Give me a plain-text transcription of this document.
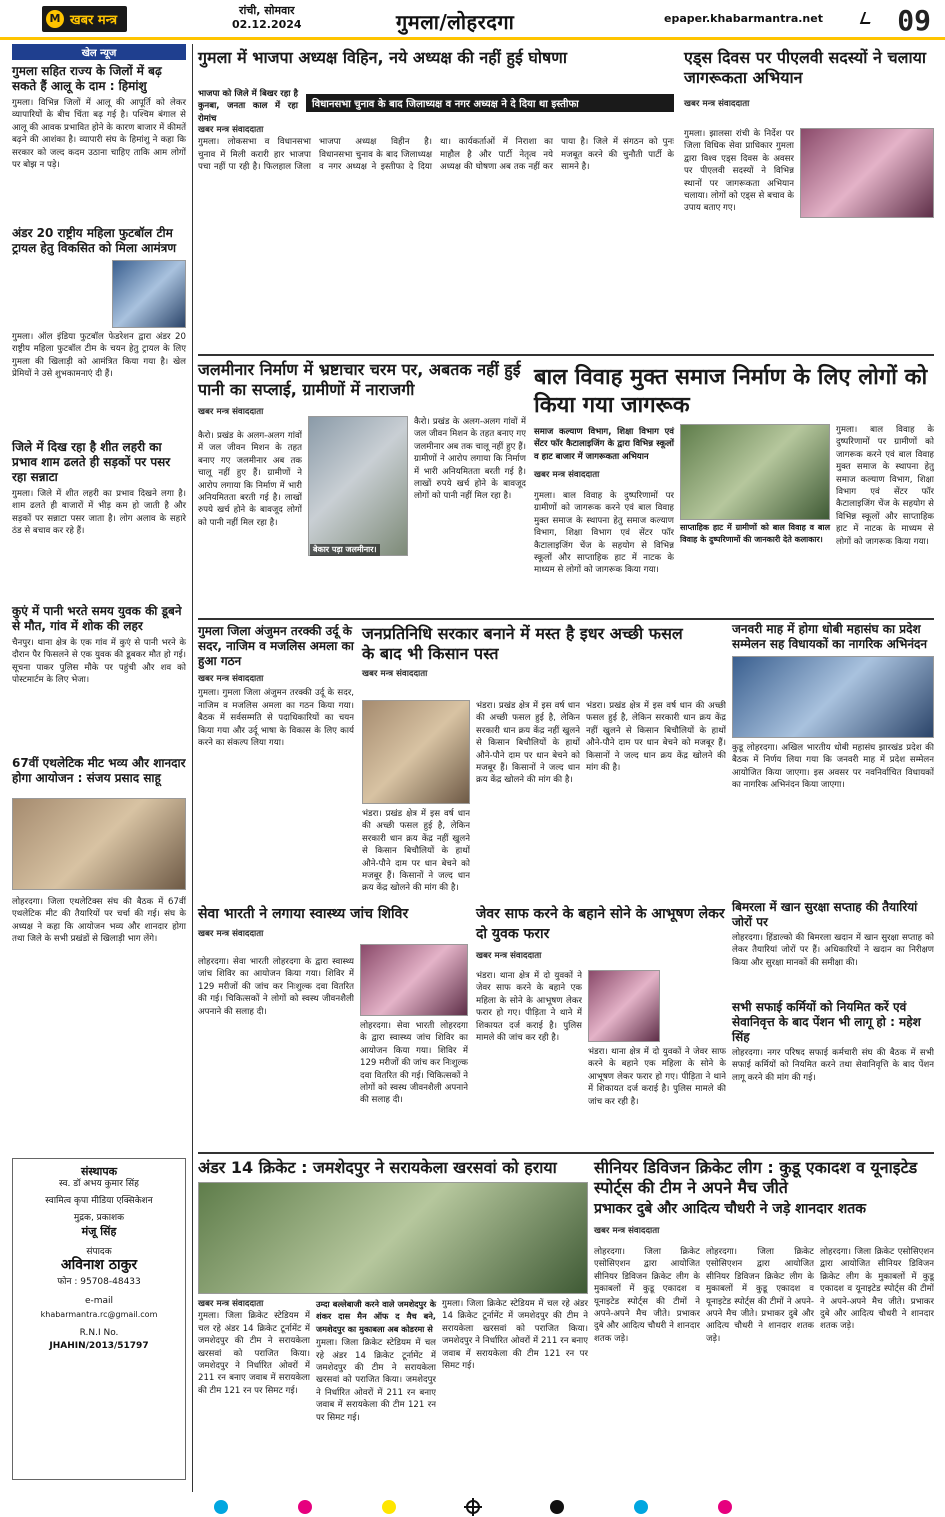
M खबर मन्त्र
रांची, सोमवार
02.12.2024	गुमला/लोहरदगा	epaper.khabarmantra.net	09
खेल न्यूज
गुमला सहित राज्य के जिलों में बढ़ सकते हैं आलू के दाम : हिमांशु
गुमला। विभिन्न जिलों में आलू की आपूर्ति को लेकर व्यापारियों के बीच चिंता बढ़ गई है। पश्चिम बंगाल से आलू की आवक प्रभावित होने के कारण बाजार में कीमतें बढ़ने की आशंका है। व्यापारी संघ के हिमांशु ने कहा कि सरकार को जल्द कदम उठाना चाहिए ताकि आम लोगों पर बोझ न पड़े।
अंडर 20 राष्ट्रीय महिला फुटबॉल टीम ट्रायल हेतु विकसित को मिला आमंत्रण
गुमला। ऑल इंडिया फुटबॉल फेडरेशन द्वारा अंडर 20 राष्ट्रीय महिला फुटबॉल टीम के चयन हेतु ट्रायल के लिए गुमला की खिलाड़ी को आमंत्रित किया गया है। खेल प्रेमियों ने उसे शुभकामनाएं दी हैं।
जिले में दिख रहा है शीत लहरी का प्रभाव शाम ढलते ही सड़कों पर पसर रहा सन्नाटा
गुमला। जिले में शीत लहरी का प्रभाव दिखने लगा है। शाम ढलते ही बाजारों में भीड़ कम हो जाती है और सड़कों पर सन्नाटा पसर जाता है। लोग अलाव के सहारे ठंड से बचाव कर रहे हैं।
कुएं में पानी भरते समय युवक की डूबने से मौत, गांव में शोक की लहर
चैनपुर। थाना क्षेत्र के एक गांव में कुएं से पानी भरने के दौरान पैर फिसलने से एक युवक की डूबकर मौत हो गई। सूचना पाकर पुलिस मौके पर पहुंची और शव को पोस्टमार्टम के लिए भेजा।
67वीं एथलेटिक मीट भव्य और शानदार होगा आयोजन : संजय प्रसाद साहू
लोहरदगा। जिला एथलेटिक्स संघ की बैठक में 67वीं एथलेटिक मीट की तैयारियों पर चर्चा की गई। संघ के अध्यक्ष ने कहा कि आयोजन भव्य और शानदार होगा तथा जिले के सभी प्रखंडों से खिलाड़ी भाग लेंगे।
संस्थापक
स्व. डॉ अभय कुमार सिंह
स्वामित्व कृपा मीडिया एक्सिकेशन
मुद्रक, प्रकाशक
मंजू सिंह
संपादक
अविनाश ठाकुर
फोन : 95708-48433
e-mail
khabarmantra.rc@gmail.com
R.N.I No.
JHAHIN/2013/51797
गुमला में भाजपा अध्यक्ष विहिन, नये अध्यक्ष की नहीं हुई घोषणा
भाजपा को जिले में बिखर रहा है कुनबा, जनता काल में रहा रोमांच
विधानसभा चुनाव के बाद जिलाध्यक्ष व नगर अध्यक्ष ने दे दिया था इस्तीफा
खबर मन्त्र संवाददाता
गुमला। लोकसभा व विधानसभा चुनाव में मिली करारी हार भाजपा पचा नहीं पा रही है। फिलहाल जिला भाजपा अध्यक्ष विहीन है। विधानसभा चुनाव के बाद जिलाध्यक्ष व नगर अध्यक्ष ने इस्तीफा दे दिया था। कार्यकर्ताओं में निराशा का माहौल है और पार्टी नेतृत्व नये अध्यक्ष की घोषणा अब तक नहीं कर पाया है। जिले में संगठन को पुनः मजबूत करने की चुनौती पार्टी के सामने है।
एड्स दिवस पर पीएलवी सदस्यों ने चलाया जागरूकता अभियान
खबर मन्त्र संवाददाता
गुमला। झालसा रांची के निर्देश पर जिला विधिक सेवा प्राधिकार गुमला द्वारा विश्व एड्स दिवस के अवसर पर पीएलवी सदस्यों ने विभिन्न स्थानों पर जागरूकता अभियान चलाया। लोगों को एड्स से बचाव के उपाय बताए गए।
जलमीनार निर्माण में भ्रष्टाचार चरम पर, अबतक नहीं हुई पानी का सप्लाई, ग्रामीणों में नाराजगी
खबर मन्त्र संवाददाता
बेकार पड़ा जलमीनार।
कैरो। प्रखंड के अलग-अलग गांवों में जल जीवन मिशन के तहत बनाए गए जलमीनार अब तक चालू नहीं हुए हैं। ग्रामीणों ने आरोप लगाया कि निर्माण में भारी अनियमितता बरती गई है। लाखों रुपये खर्च होने के बावजूद लोगों को पानी नहीं मिल रहा है।
कैरो। प्रखंड के अलग-अलग गांवों में जल जीवन मिशन के तहत बनाए गए जलमीनार अब तक चालू नहीं हुए हैं। ग्रामीणों ने आरोप लगाया कि निर्माण में भारी अनियमितता बरती गई है। लाखों रुपये खर्च होने के बावजूद लोगों को पानी नहीं मिल रहा है।
बाल विवाह मुक्त समाज निर्माण के लिए लोगों को किया गया जागरूक
समाज कल्याण विभाग, शिक्षा विभाग एवं सेंटर फॉर कैटालाइजिंग के द्वारा विभिन्न स्कूलों व हाट बाजार में जागरूकता अभियान
खबर मन्त्र संवाददाता
साप्ताहिक हाट में ग्रामीणों को बाल विवाह व बाल विवाह के दुष्परिणामों की जानकारी देते कलाकार।
गुमला। बाल विवाह के दुष्परिणामों पर ग्रामीणों को जागरूक करने एवं बाल विवाह मुक्त समाज के स्थापना हेतु समाज कल्याण विभाग, शिक्षा विभाग एवं सेंटर फॉर कैटालाइजिंग चेंज के सहयोग से विभिन्न स्कूलों और साप्ताहिक हाट में नाटक के माध्यम से लोगों को जागरूक किया गया।
गुमला। बाल विवाह के दुष्परिणामों पर ग्रामीणों को जागरूक करने एवं बाल विवाह मुक्त समाज के स्थापना हेतु समाज कल्याण विभाग, शिक्षा विभाग एवं सेंटर फॉर कैटालाइजिंग चेंज के सहयोग से विभिन्न स्कूलों और साप्ताहिक हाट में नाटक के माध्यम से लोगों को जागरूक किया गया।
गुमला जिला अंजुमन तरक्की उर्दू के सदर, नाजिम व मजलिस अमला का हुआ गठन
खबर मन्त्र संवाददाता
गुमला। गुमला जिला अंजुमन तरक्की उर्दू के सदर, नाजिम व मजलिस अमला का गठन किया गया। बैठक में सर्वसम्मति से पदाधिकारियों का चयन किया गया और उर्दू भाषा के विकास के लिए कार्य करने का संकल्प लिया गया।
जनप्रतिनिधि सरकार बनाने में मस्त है इधर अच्छी फसल के बाद भी किसान पस्त
खबर मन्त्र संवाददाता
भंडरा। प्रखंड क्षेत्र में इस वर्ष धान की अच्छी फसल हुई है, लेकिन सरकारी धान क्रय केंद्र नहीं खुलने से किसान बिचौलियों के हाथों औने-पौने दाम पर धान बेचने को मजबूर हैं। किसानों ने जल्द धान क्रय केंद्र खोलने की मांग की है।
भंडरा। प्रखंड क्षेत्र में इस वर्ष धान की अच्छी फसल हुई है, लेकिन सरकारी धान क्रय केंद्र नहीं खुलने से किसान बिचौलियों के हाथों औने-पौने दाम पर धान बेचने को मजबूर हैं। किसानों ने जल्द धान क्रय केंद्र खोलने की मांग की है।
भंडरा। प्रखंड क्षेत्र में इस वर्ष धान की अच्छी फसल हुई है, लेकिन सरकारी धान क्रय केंद्र नहीं खुलने से किसान बिचौलियों के हाथों औने-पौने दाम पर धान बेचने को मजबूर हैं। किसानों ने जल्द धान क्रय केंद्र खोलने की मांग की है।
जनवरी माह में होगा धोबी महासंघ का प्रदेश सम्मेलन सह विधायकों का नागरिक अभिनंदन
कुडू लोहरदगा। अखिल भारतीय धोबी महासंघ झारखंड प्रदेश की बैठक में निर्णय लिया गया कि जनवरी माह में प्रदेश सम्मेलन आयोजित किया जाएगा। इस अवसर पर नवनिर्वाचित विधायकों का नागरिक अभिनंदन किया जाएगा।
सेवा भारती ने लगाया स्वास्थ्य जांच शिविर
खबर मन्त्र संवाददाता
लोहरदगा। सेवा भारती लोहरदगा के द्वारा स्वास्थ्य जांच शिविर का आयोजन किया गया। शिविर में 129 मरीजों की जांच कर निःशुल्क दवा वितरित की गई। चिकित्सकों ने लोगों को स्वस्थ जीवनशैली अपनाने की सलाह दी।
लोहरदगा। सेवा भारती लोहरदगा के द्वारा स्वास्थ्य जांच शिविर का आयोजन किया गया। शिविर में 129 मरीजों की जांच कर निःशुल्क दवा वितरित की गई। चिकित्सकों ने लोगों को स्वस्थ जीवनशैली अपनाने की सलाह दी।
जेवर साफ करने के बहाने सोने के आभूषण लेकर दो युवक फरार
खबर मन्त्र संवाददाता
भंडरा। थाना क्षेत्र में दो युवकों ने जेवर साफ करने के बहाने एक महिला के सोने के आभूषण लेकर फरार हो गए। पीड़िता ने थाने में शिकायत दर्ज कराई है। पुलिस मामले की जांच कर रही है।
भंडरा। थाना क्षेत्र में दो युवकों ने जेवर साफ करने के बहाने एक महिला के सोने के आभूषण लेकर फरार हो गए। पीड़िता ने थाने में शिकायत दर्ज कराई है। पुलिस मामले की जांच कर रही है।
बिमरला में खान सुरक्षा सप्ताह की तैयारियां जोरों पर
लोहरदगा। हिंडाल्को की बिमरला खदान में खान सुरक्षा सप्ताह को लेकर तैयारियां जोरों पर हैं। अधिकारियों ने खदान का निरीक्षण किया और सुरक्षा मानकों की समीक्षा की।
सभी सफाई कर्मियों को नियमित करें एवं सेवानिवृत्त के बाद पेंशन भी लागू हो : महेश सिंह
लोहरदगा। नगर परिषद सफाई कर्मचारी संघ की बैठक में सभी सफाई कर्मियों को नियमित करने तथा सेवानिवृत्ति के बाद पेंशन लागू करने की मांग की गई।
अंडर 14 क्रिकेट : जमशेदपुर ने सरायकेला खरसवां को हराया
खबर मन्त्र संवाददाता
गुमला। जिला क्रिकेट स्टेडियम में चल रहे अंडर 14 क्रिकेट टूर्नामेंट में जमशेदपुर की टीम ने सरायकेला खरसवां को पराजित किया। जमशेदपुर ने निर्धारित ओवरों में 211 रन बनाए जवाब में सरायकेला की टीम 121 रन पर सिमट गई।
उम्दा बल्लेबाजी करने वाले जमशेदपुर के शंकर दास मैन ऑफ द मैच बने, जमशेदपुर का मुकाबला अब कोडरमा से
गुमला। जिला क्रिकेट स्टेडियम में चल रहे अंडर 14 क्रिकेट टूर्नामेंट में जमशेदपुर की टीम ने सरायकेला खरसवां को पराजित किया। जमशेदपुर ने निर्धारित ओवरों में 211 रन बनाए जवाब में सरायकेला की टीम 121 रन पर सिमट गई।
गुमला। जिला क्रिकेट स्टेडियम में चल रहे अंडर 14 क्रिकेट टूर्नामेंट में जमशेदपुर की टीम ने सरायकेला खरसवां को पराजित किया। जमशेदपुर ने निर्धारित ओवरों में 211 रन बनाए जवाब में सरायकेला की टीम 121 रन पर सिमट गई।
सीनियर डिविजन क्रिकेट लीग : कुडू एकादश व यूनाइटेड स्पोर्ट्स की टीम ने अपने मैच जीते
प्रभाकर दुबे और आदित्य चौधरी ने जड़े शानदार शतक
खबर मन्त्र संवाददाता
लोहरदगा। जिला क्रिकेट एसोसिएशन द्वारा आयोजित सीनियर डिविजन क्रिकेट लीग के मुकाबलों में कुडू एकादश व यूनाइटेड स्पोर्ट्स की टीमों ने अपने-अपने मैच जीते। प्रभाकर दुबे और आदित्य चौधरी ने शानदार शतक जड़े।
लोहरदगा। जिला क्रिकेट एसोसिएशन द्वारा आयोजित सीनियर डिविजन क्रिकेट लीग के मुकाबलों में कुडू एकादश व यूनाइटेड स्पोर्ट्स की टीमों ने अपने-अपने मैच जीते। प्रभाकर दुबे और आदित्य चौधरी ने शानदार शतक जड़े।
लोहरदगा। जिला क्रिकेट एसोसिएशन द्वारा आयोजित सीनियर डिविजन क्रिकेट लीग के मुकाबलों में कुडू एकादश व यूनाइटेड स्पोर्ट्स की टीमों ने अपने-अपने मैच जीते। प्रभाकर दुबे और आदित्य चौधरी ने शानदार शतक जड़े।
